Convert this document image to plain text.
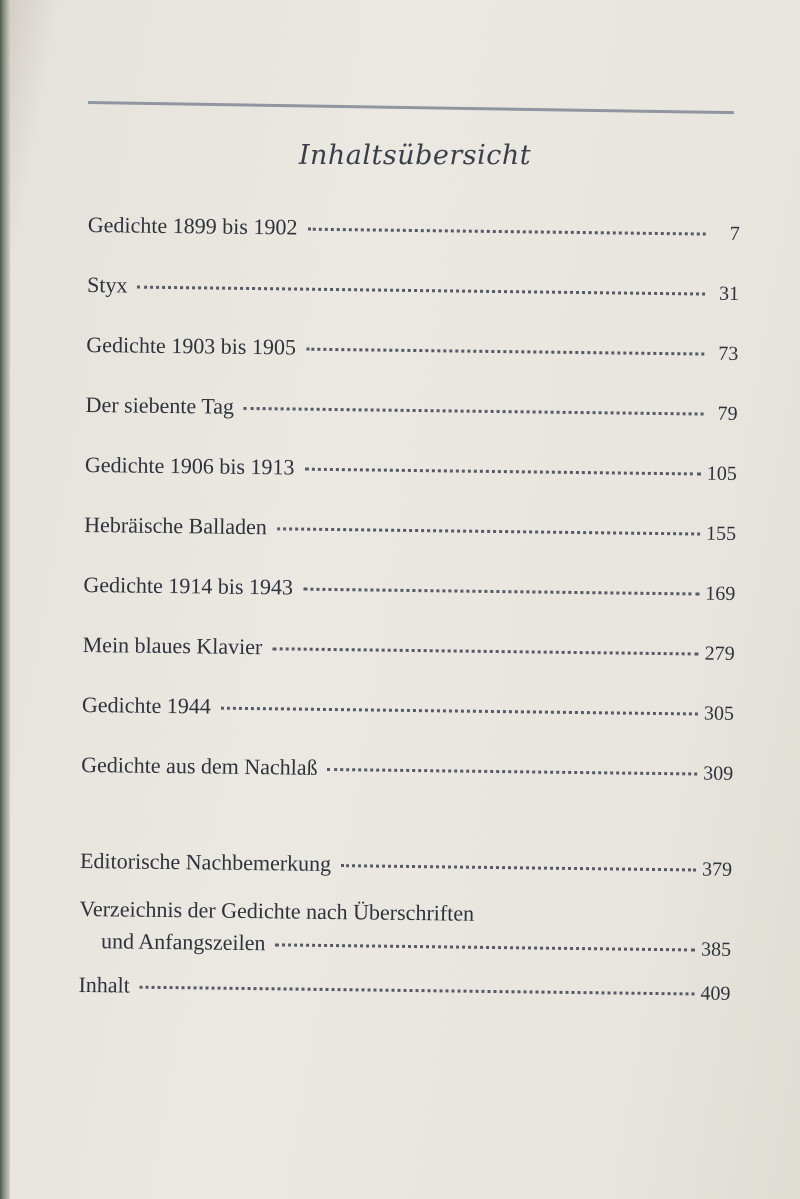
Inhaltsübersicht
Gedichte 1899 bis 1902	7
Styx	31
Gedichte 1903 bis 1905	73
Der siebente Tag	79
Gedichte 1906 bis 1913	105
Hebräische Balladen	155
Gedichte 1914 bis 1943	169
Mein blaues Klavier	279
Gedichte 1944	305
Gedichte aus dem Nachlaß	309
Editorische Nachbemerkung	379
Verzeichnis der Gedichte nach Überschriften
und Anfangszeilen	385
Inhalt	409
